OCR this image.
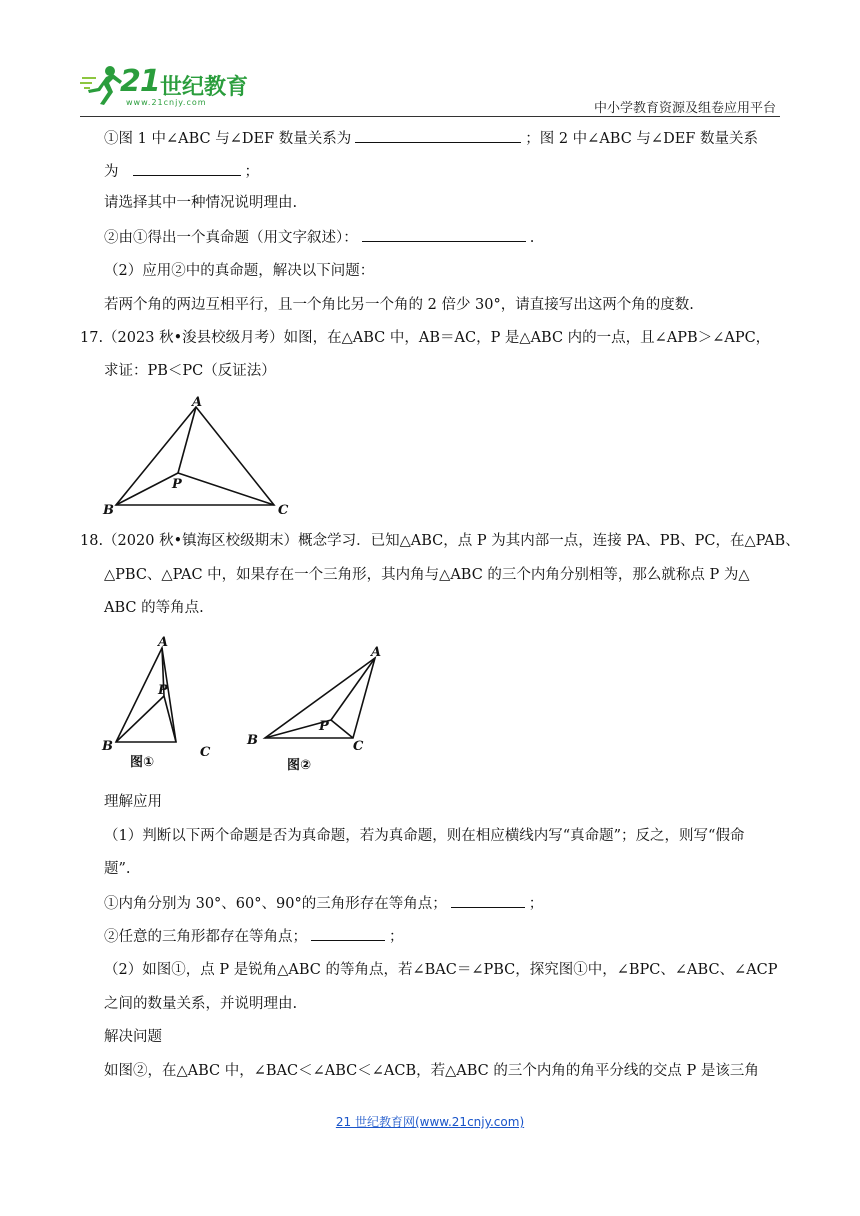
21 世纪教育
www.21cnjy.com	中小学教育资源及组卷应用平台
①图 1 中∠ABC 与∠DEF 数量关系为	；图 2 中∠ABC 与∠DEF 数量关系
为	；
请选择其中一种情况说明理由.
②由①得出一个真命题（用文字叙述）：	.
（2）应用②中的真命题，解决以下问题：
若两个角的两边互相平行，且一个角比另一个角的 2 倍少 30°，请直接写出这两个角的度数.
17.（2023 秋•浚县校级月考）如图，在△ABC 中，AB＝AC，P 是△ABC 内的一点，且∠APB＞∠APC，
求证：PB＜PC（反证法）
A
B	C
P
18.（2020 秋•镇海区校级期末）概念学习．已知△ABC，点 P 为其内部一点，连接 PA、PB、PC，在△PAB、
△PBC、△PAC 中，如果存在一个三角形，其内角与△ABC 的三个内角分别相等，那么就称点 P 为△
ABC 的等角点.
A
B	C
P
图①
A
B	C
P
图②
理解应用
（1）判断以下两个命题是否为真命题，若为真命题，则在相应横线内写“真命题”；反之，则写“假命
题”.
①内角分别为 30°、60°、90°的三角形存在等角点；	；
②任意的三角形都存在等角点；	；
（2）如图①，点 P 是锐角△ABC 的等角点，若∠BAC＝∠PBC，探究图①中，∠BPC、∠ABC、∠ACP
之间的数量关系，并说明理由.
解决问题
如图②，在△ABC 中，∠BAC＜∠ABC＜∠ACB，若△ABC 的三个内角的角平分线的交点 P 是该三角
21 世纪教育网(www.21cnjy.com)
